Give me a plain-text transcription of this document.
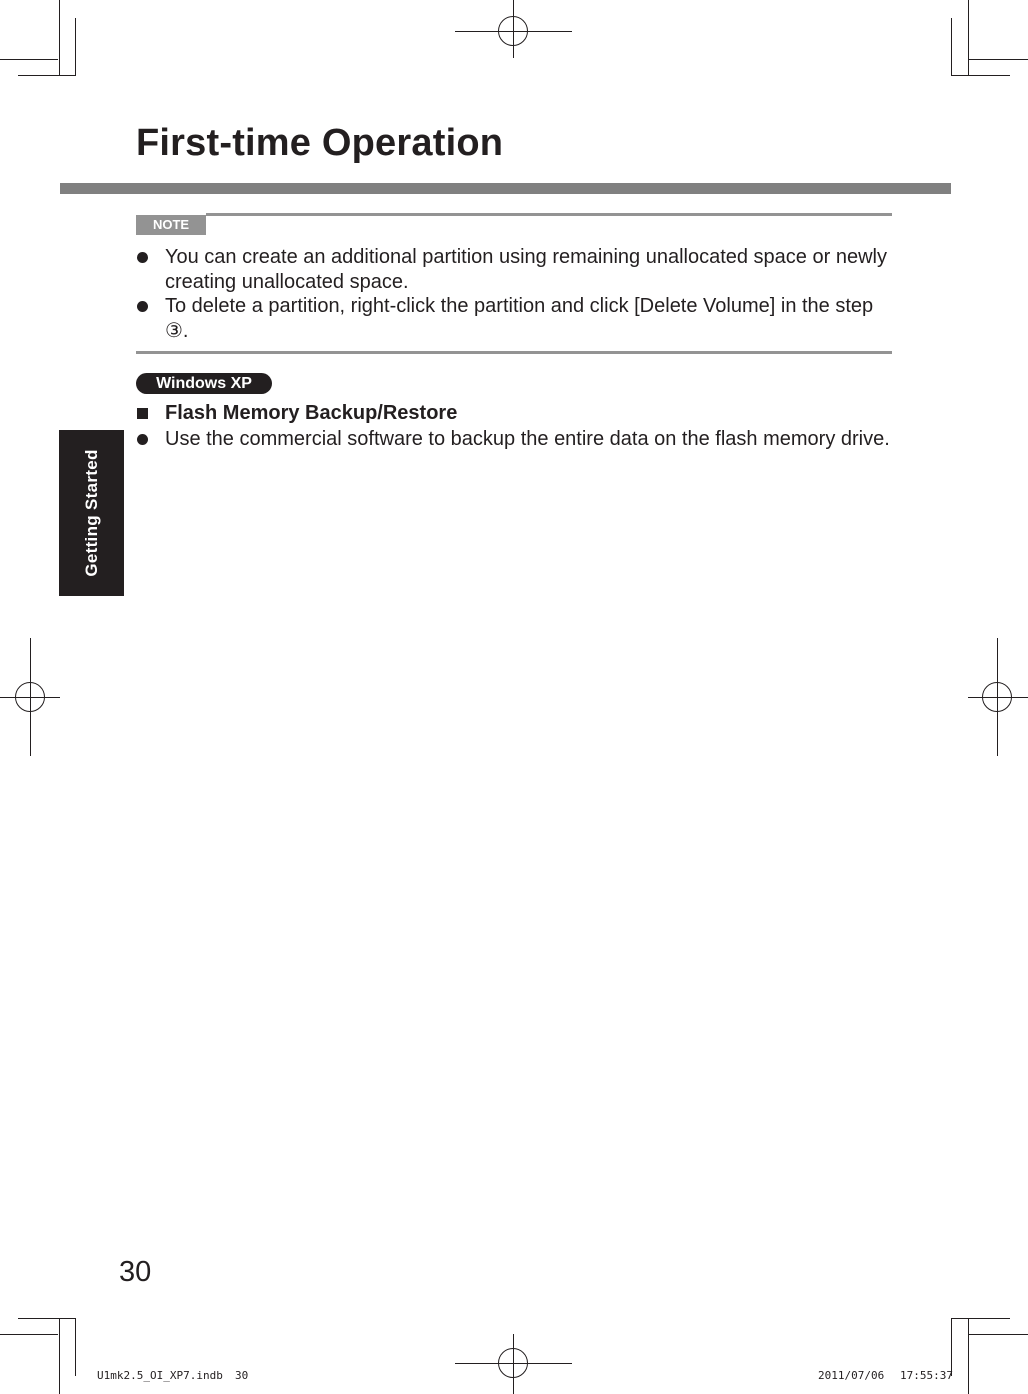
First-time Operation
Getting Started
NOTE
You can create an additional partition using remaining unallocated space or newly creating unallocated space.
To delete a partition, right-click the partition and click [Delete Volume] in the step ③.
Windows XP
Flash Memory Backup/Restore
Use the commercial software to backup the entire data on the flash memory drive.
30
U1mk2.5_OI_XP7.indb 30	2011/07/06 17:55:37
